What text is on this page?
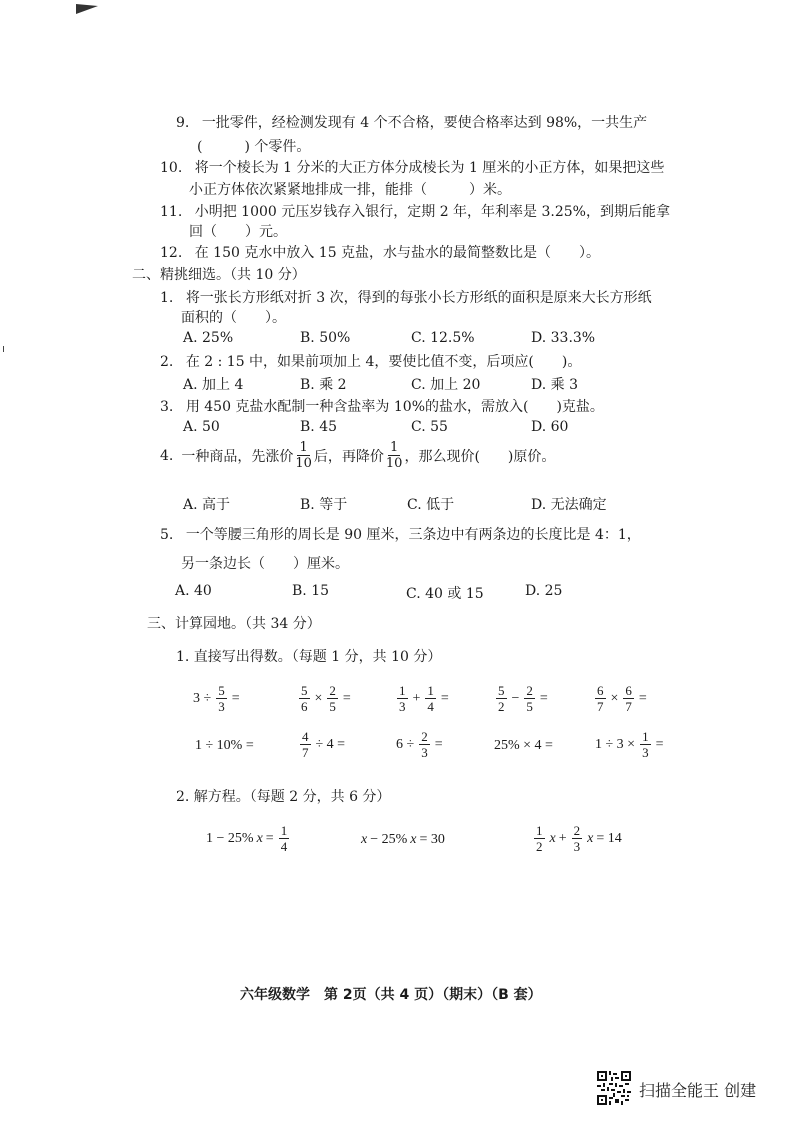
9. 一批零件，经检测发现有 4 个不合格，要使合格率达到 98%，一共生产
(　　　) 个零件。
10. 将一个棱长为 1 分米的大正方体分成棱长为 1 厘米的小正方体，如果把这些
小正方体依次紧紧地排成一排，能排（　　　）米。
11. 小明把 1000 元压岁钱存入银行，定期 2 年，年利率是 3.25%，到期后能拿
回（　　）元。
12. 在 150 克水中放入 15 克盐，水与盐水的最简整数比是（　　）。
二、精挑细选。（共 10 分）
1. 将一张长方形纸对折 3 次，得到的每张小长方形纸的面积是原来大长方形纸
面积的（　　）。
A. 25%	B. 50%	C. 12.5%	D. 33.3%
2. 在 2 : 15 中，如果前项加上 4，要使比值不变，后项应(　　)。
A. 加上 4	B. 乘 2	C. 加上 20	D. 乘 3
3. 用 450 克盐水配制一种含盐率为 10%的盐水，需放入(　　)克盐。
A. 50	B. 45	C. 55	D. 60
4. 一种商品，先涨价 $\frac{1}{10}$ 后，再降价 $\frac{1}{10}$ ，那么现价(　　)原价。
A. 高于	B. 等于	C. 低于	D. 无法确定
5. 一个等腰三角形的周长是 90 厘米，三条边中有两条边的长度比是 4：1，
另一条边长（　　）厘米。
A. 40	B. 15	C. 40 或 15	D. 25
三、计算园地。（共 34 分）
1. 直接写出得数。（每题 1 分，共 10 分）
$3 \div \frac{5}{3}$ =	$\frac{5}{6} \times \frac{2}{5}$ =	$\frac{1}{3} + \frac{1}{4}$ =	$\frac{5}{2} - \frac{2}{5}$ =	$\frac{6}{7} \times \frac{6}{7}$ =
1 ÷ 10% =	$\frac{4}{7} \div 4$ =	$6 \div \frac{2}{3}$ =	25% × 4 =	$1 \div 3 \times \frac{1}{3}$ =
2. 解方程。（每题 2 分，共 6 分）
1 − 25% $x = \frac{1}{4}$	x − 25% x = 30	$\frac{1}{2}$ $x + \frac{2}{3}$ x = 14
六年级数学　第 2页（共 4 页）（期末）（B 套）
扫描全能王 创建
